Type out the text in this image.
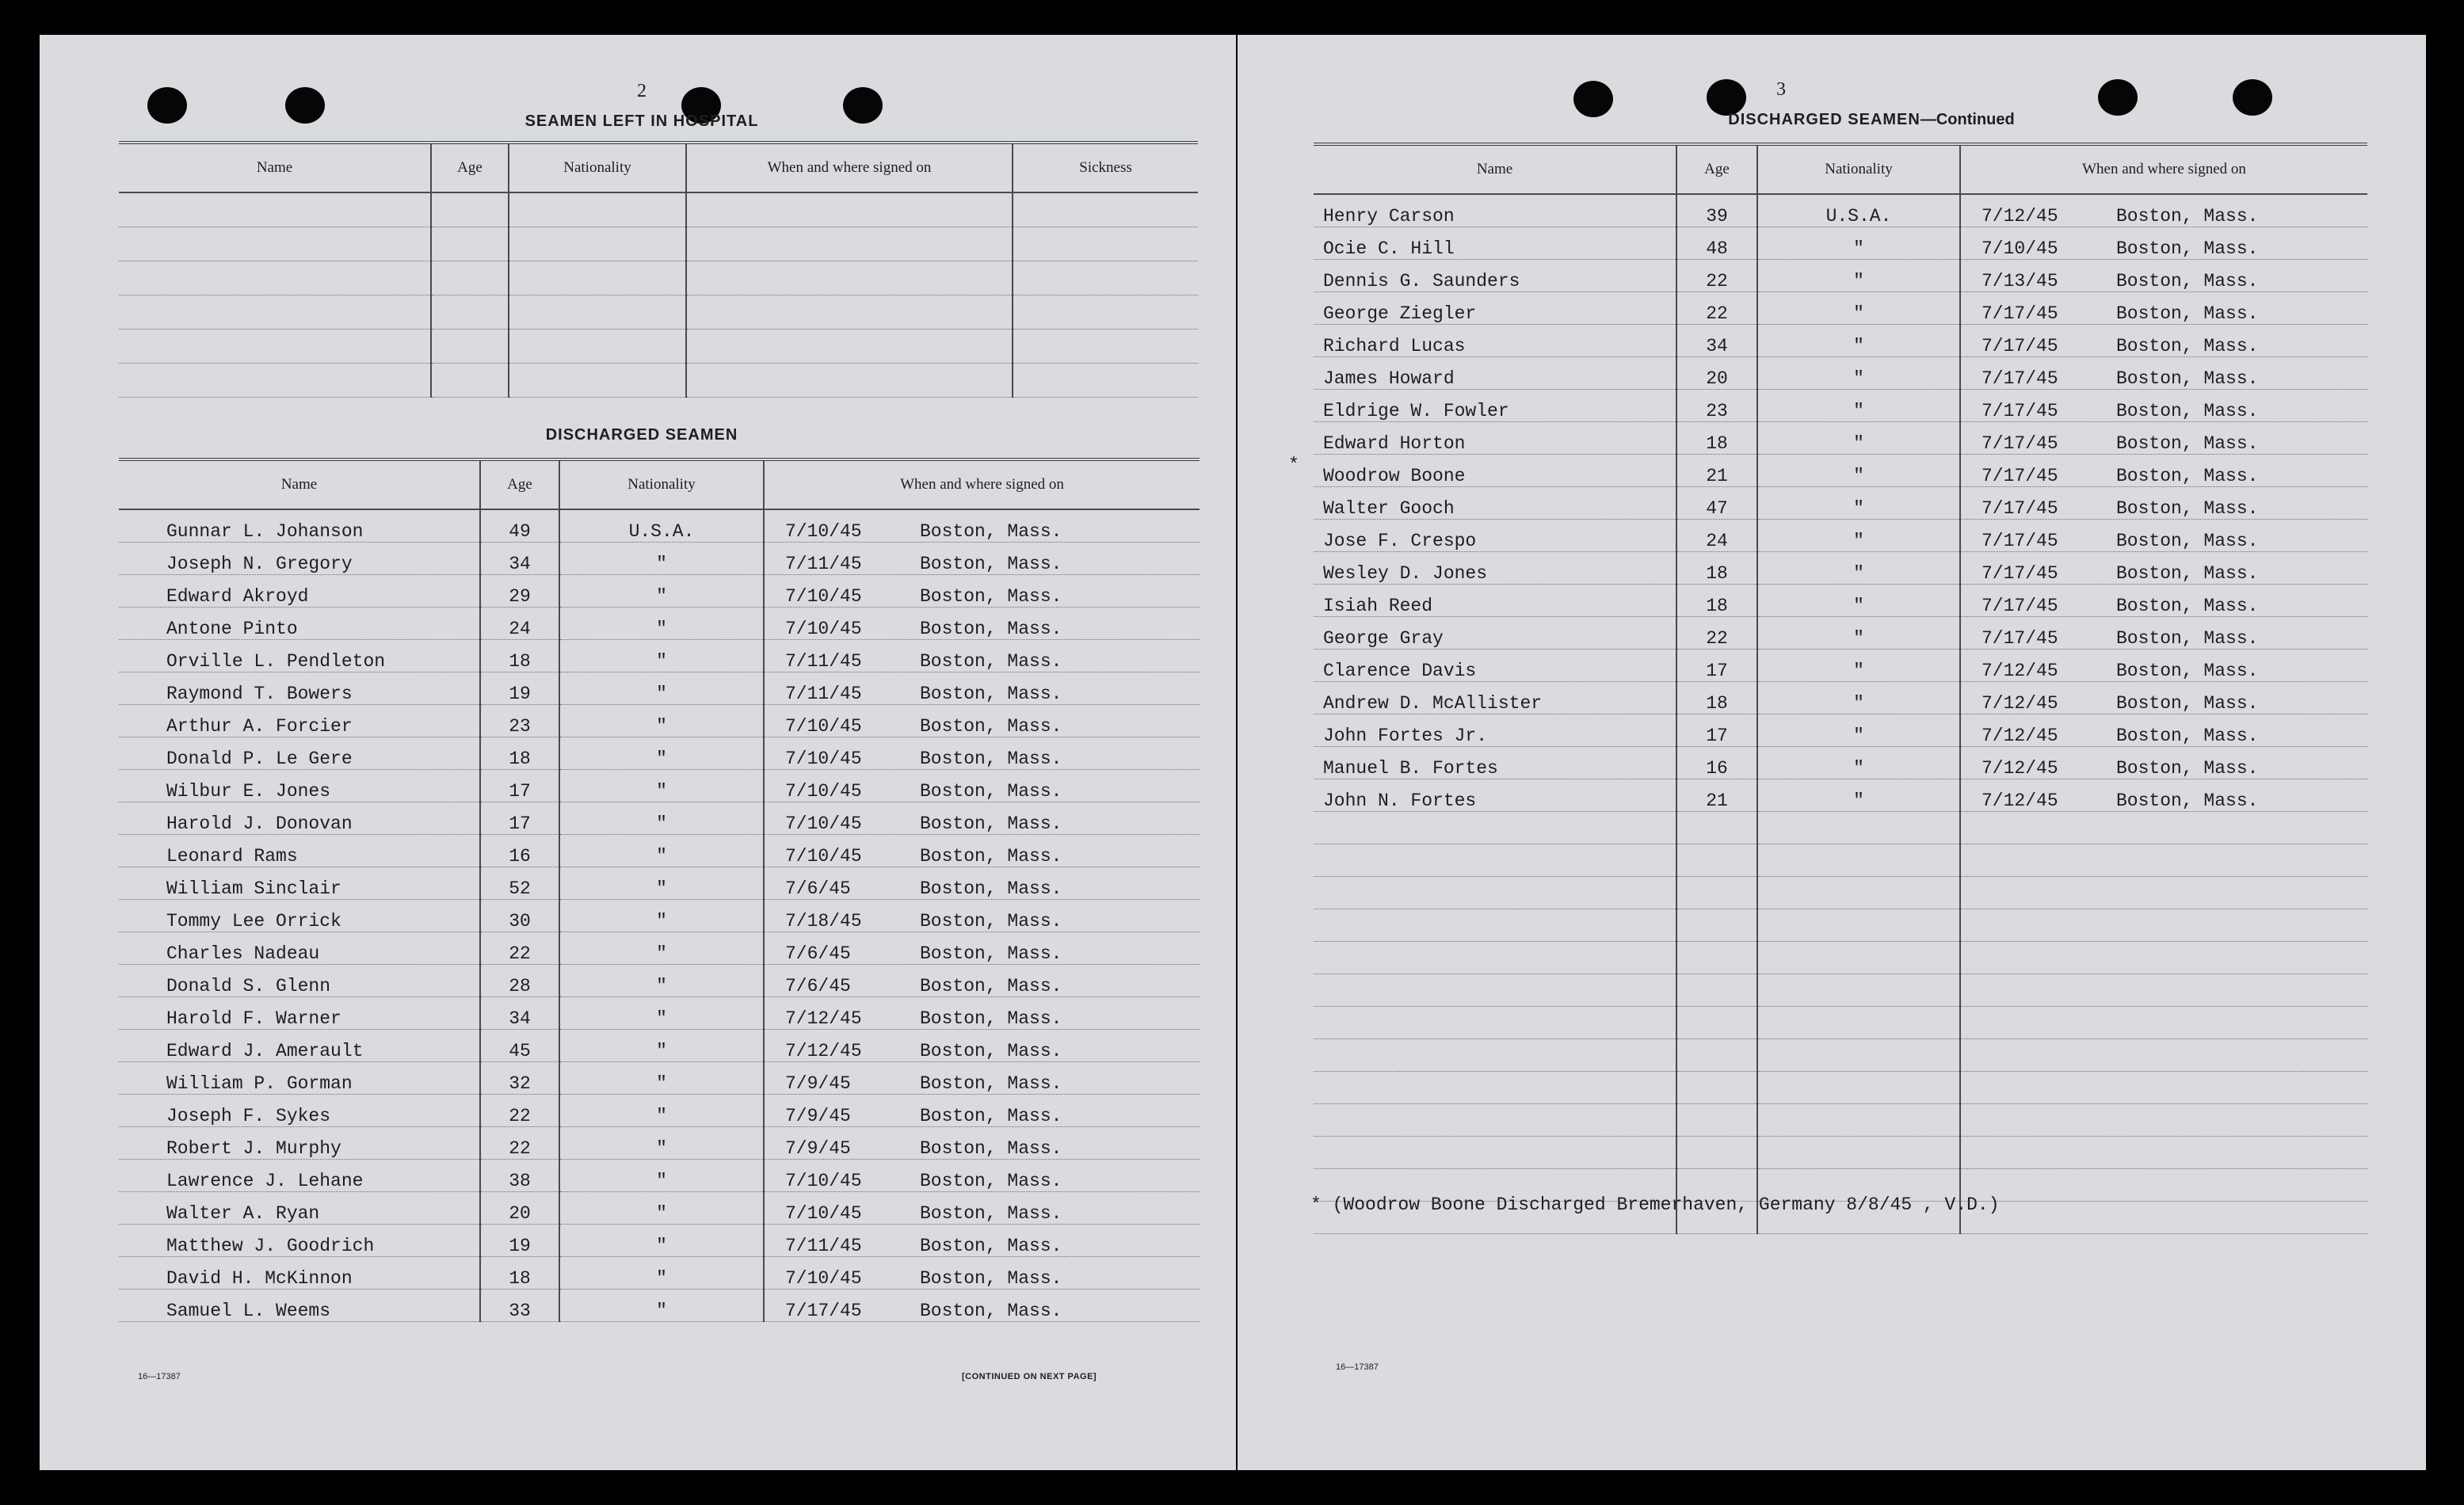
2
SEAMEN LEFT IN HOSPITAL
Name	Age	Nationality	When and where signed on	Sickness

DISCHARGED SEAMEN
Name	Age	Nationality	When and where signed on
Gunnar L. Johanson	49	U.S.A.	7/10/45 Boston, Mass.
Joseph N. Gregory	34	"	7/11/45 Boston, Mass.
Edward Akroyd	29	"	7/10/45 Boston, Mass.
Antone Pinto	24	"	7/10/45 Boston, Mass.
Orville L. Pendleton	18	"	7/11/45 Boston, Mass.
Raymond T. Bowers	19	"	7/11/45 Boston, Mass.
Arthur A. Forcier	23	"	7/10/45 Boston, Mass.
Donald P. Le Gere	18	"	7/10/45 Boston, Mass.
Wilbur E. Jones	17	"	7/10/45 Boston, Mass.
Harold J. Donovan	17	"	7/10/45 Boston, Mass.
Leonard Rams	16	"	7/10/45 Boston, Mass.
William Sinclair	52	"	7/6/45 Boston, Mass.
Tommy Lee Orrick	30	"	7/18/45 Boston, Mass.
Charles Nadeau	22	"	7/6/45 Boston, Mass.
Donald S. Glenn	28	"	7/6/45 Boston, Mass.
Harold F. Warner	34	"	7/12/45 Boston, Mass.
Edward J. Amerault	45	"	7/12/45 Boston, Mass.
William P. Gorman	32	"	7/9/45 Boston, Mass.
Joseph F. Sykes	22	"	7/9/45 Boston, Mass.
Robert J. Murphy	22	"	7/9/45 Boston, Mass.
Lawrence J. Lehane	38	"	7/10/45 Boston, Mass.
Walter A. Ryan	20	"	7/10/45 Boston, Mass.
Matthew J. Goodrich	19	"	7/11/45 Boston, Mass.
David H. McKinnon	18	"	7/10/45 Boston, Mass.
Samuel L. Weems	33	"	7/17/45 Boston, Mass.
16—17387	[CONTINUED ON NEXT PAGE]
3
DISCHARGED SEAMEN—Continued
Name	Age	Nationality	When and where signed on
Henry Carson	39	U.S.A.	7/12/45 Boston, Mass.
Ocie C. Hill	48	"	7/10/45 Boston, Mass.
Dennis G. Saunders	22	"	7/13/45 Boston, Mass.
George Ziegler	22	"	7/17/45 Boston, Mass.
Richard Lucas	34	"	7/17/45 Boston, Mass.
James Howard	20	"	7/17/45 Boston, Mass.
Eldrige W. Fowler	23	"	7/17/45 Boston, Mass.
Edward Horton	18	"	7/17/45 Boston, Mass.
Woodrow Boone	21	"	7/17/45 Boston, Mass.
Walter Gooch	47	"	7/17/45 Boston, Mass.
Jose F. Crespo	24	"	7/17/45 Boston, Mass.
Wesley D. Jones	18	"	7/17/45 Boston, Mass.
Isiah Reed	18	"	7/17/45 Boston, Mass.
George Gray	22	"	7/17/45 Boston, Mass.
Clarence Davis	17	"	7/12/45 Boston, Mass.
Andrew D. McAllister	18	"	7/12/45 Boston, Mass.
John Fortes Jr.	17	"	7/12/45 Boston, Mass.
Manuel B. Fortes	16	"	7/12/45 Boston, Mass.
John N. Fortes	21	"	7/12/45 Boston, Mass.

* (Woodrow Boone Discharged Bremerhaven, Germany 8/8/45 , V.D.)
16—17387
*
